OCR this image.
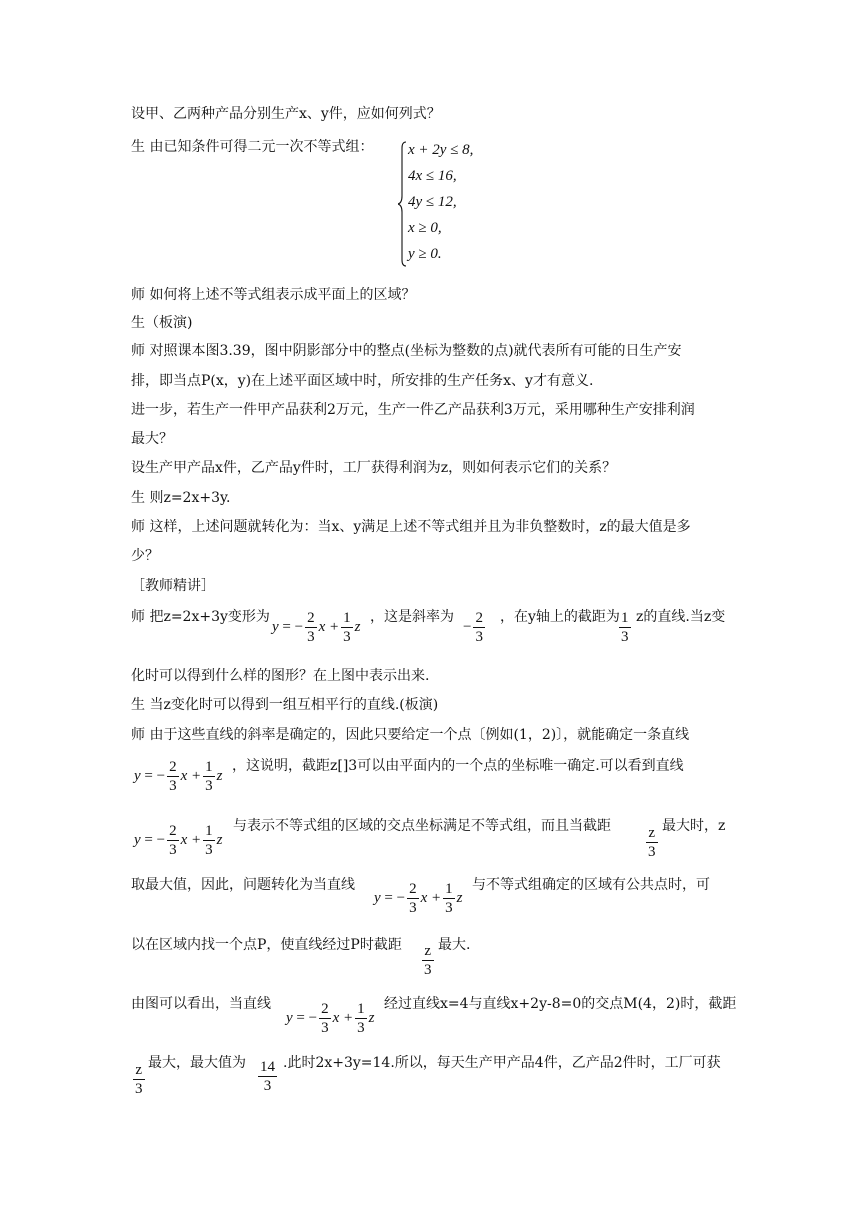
设甲、乙两种产品分别生产x、y件，应如何列式？
生 由已知条件可得二元一次不等式组： x + 2y ≤ 8,
4x ≤ 16,
4y ≤ 12,
x ≥ 0,
y ≥ 0.
师 如何将上述不等式组表示成平面上的区域？
生（板演)
师 对照课本图3.39，图中阴影部分中的整点(坐标为整数的点)就代表所有可能的日生产安
排，即当点P(x，y)在上述平面区域中时，所安排的生产任务x、y才有意义.
进一步，若生产一件甲产品获利2万元，生产一件乙产品获利3万元，采用哪种生产安排利润
最大？
设生产甲产品x件，乙产品y件时，工厂获得利润为z，则如何表示它们的关系？
生 则z=2x+3y.
师 这样，上述问题就转化为：当x、y满足上述不等式组并且为非负整数时，z的最大值是多
少？
［教师精讲］
师 把z=2x+3y变形为
y = − $\frac{2}{3}$ $x + \frac{1}{3}$ z
，这是斜率为
− $\frac{2}{3}$ ，在y轴上的截距为 $\frac{1}{3}$ z的直线.当z变
化时可以得到什么样的图形？在上图中表示出来.
生 当z变化时可以得到一组互相平行的直线.(板演)
师 由于这些直线的斜率是确定的，因此只要给定一个点〔例如(1，2)〕，就能确定一条直线
y = − $\frac{2}{3}$ $x + \frac{1}{3}$ z
，这说明，截距z[]3可以由平面内的一个点的坐标唯一确定.可以看到直线
y = − $\frac{2}{3}$ $x + \frac{1}{3}$ z
与表示不等式组的区域的交点坐标满足不等式组，而且当截距 $\frac{z}{3}$ 最大时，z
取最大值，因此，问题转化为当直线
y = − $\frac{2}{3}$ $x + \frac{1}{3}$ z
与不等式组确定的区域有公共点时，可
以在区域内找一个点P，使直线经过P时截距 $\frac{z}{3}$ 最大.
由图可以看出，当直线
y = − $\frac{2}{3}$ $x + \frac{1}{3}$ z
经过直线x=4与直线x+2y-8=0的交点M(4，2)时，截距
$\frac{z}{3}$ 最大，最大值为 $\frac{14}{3}$ .此时2x+3y=14.所以，每天生产甲产品4件，乙产品2件时，工厂可获
